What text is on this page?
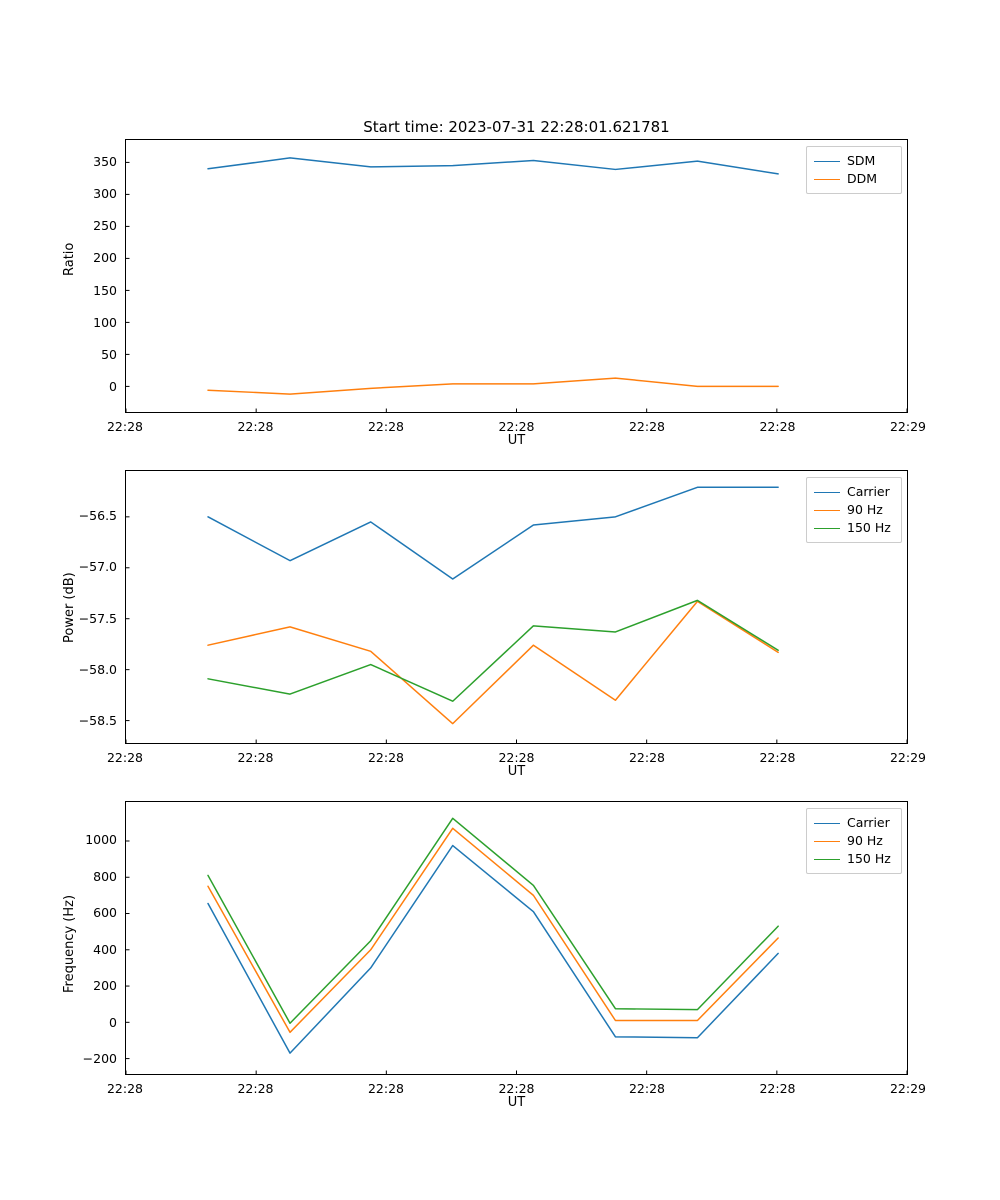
Start time: 2023-07-31 22:28:01.621781
UT
Ratio
22:28	22:28	22:28	22:28	22:28	22:28	22:29
0
50
100
150
200
250
300
350	SDM
DDM
UT
Power (dB)
22:28	22:28	22:28	22:28	22:28	22:28	22:29
−58.5
−58.0
−57.5
−57.0
−56.5
Carrier
90 Hz
150 Hz
UT
Frequency (Hz)
22:28	22:28	22:28	22:28	22:28	22:28	22:29
−200
0
200
400
600
800
1000
Carrier
90 Hz
150 Hz
